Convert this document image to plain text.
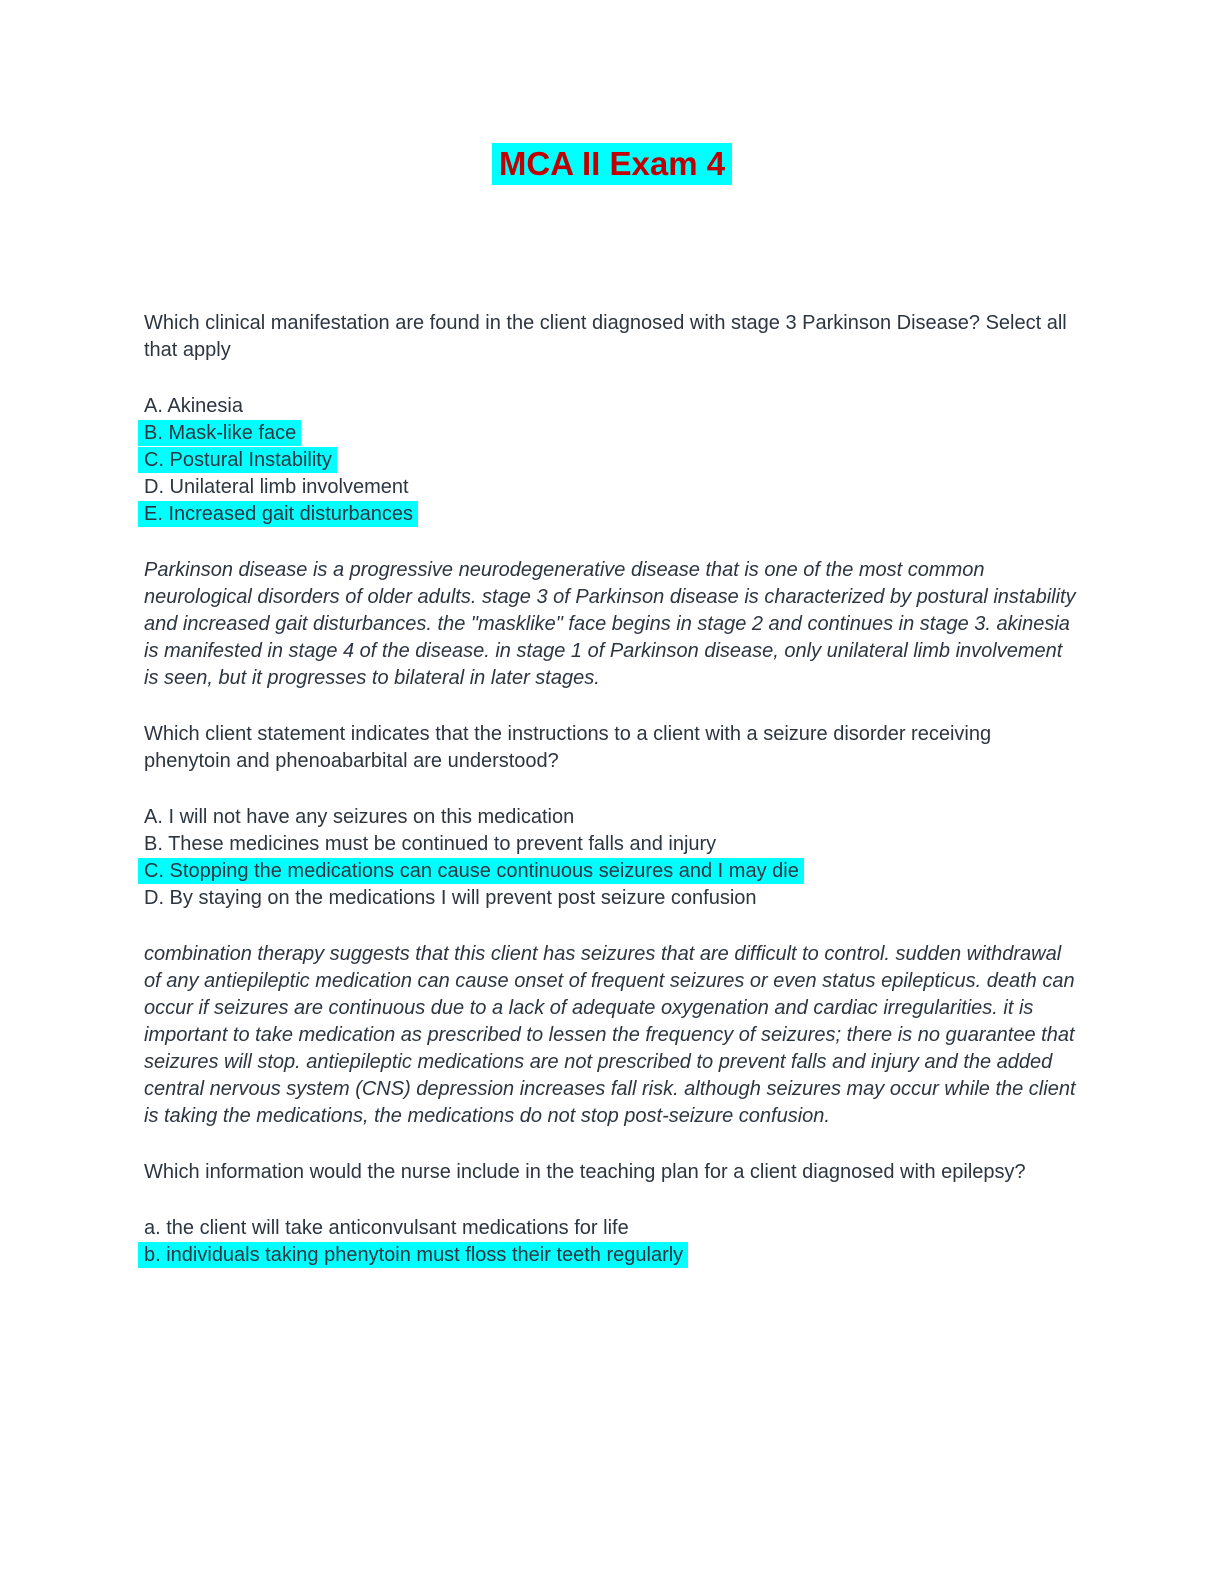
MCA II Exam 4

Which clinical manifestation are found in the client diagnosed with stage 3 Parkinson Disease? Select all that apply

A. Akinesia
B. Mask-like face
C. Postural Instability
D. Unilateral limb involvement
E. Increased gait disturbances

Parkinson disease is a progressive neurodegenerative disease that is one of the most common neurological disorders of older adults. stage 3 of Parkinson disease is characterized by postural instability and increased gait disturbances. the "masklike" face begins in stage 2 and continues in stage 3. akinesia is manifested in stage 4 of the disease. in stage 1 of Parkinson disease, only unilateral limb involvement is seen, but it progresses to bilateral in later stages.

Which client statement indicates that the instructions to a client with a seizure disorder receiving phenytoin and phenoabarbital are understood?

A. I will not have any seizures on this medication
B. These medicines must be continued to prevent falls and injury
C. Stopping the medications can cause continuous seizures and I may die
D. By staying on the medications I will prevent post seizure confusion

combination therapy suggests that this client has seizures that are difficult to control. sudden withdrawal of any antiepileptic medication can cause onset of frequent seizures or even status epilepticus. death can occur if seizures are continuous due to a lack of adequate oxygenation and cardiac irregularities. it is important to take medication as prescribed to lessen the frequency of seizures; there is no guarantee that seizures will stop. antiepileptic medications are not prescribed to prevent falls and injury and the added central nervous system (CNS) depression increases fall risk. although seizures may occur while the client is taking the medications, the medications do not stop post-seizure confusion.

Which information would the nurse include in the teaching plan for a client diagnosed with epilepsy?

a. the client will take anticonvulsant medications for life
b. individuals taking phenytoin must floss their teeth regularly
